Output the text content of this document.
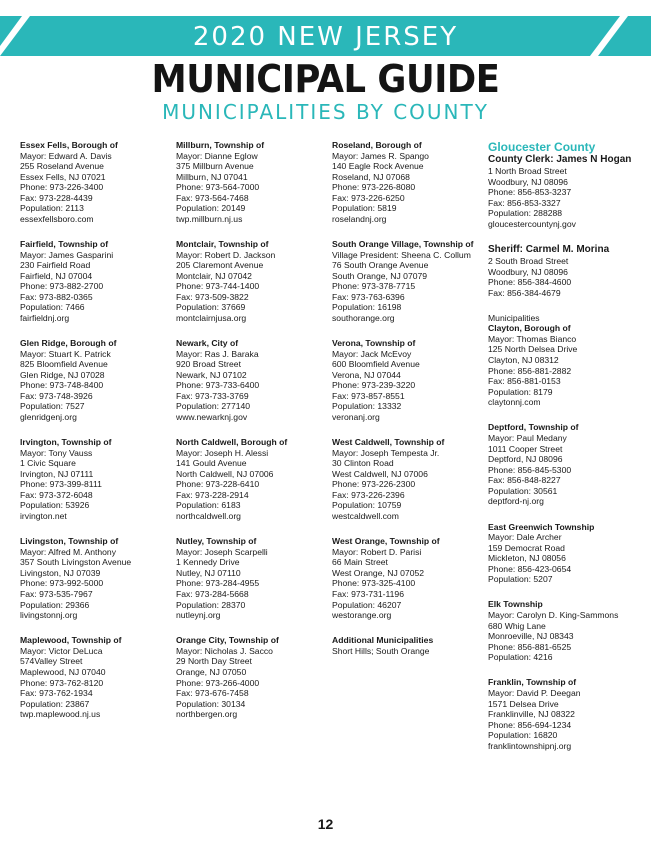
2020 NEW JERSEY
MUNICIPAL GUIDE
MUNICIPALITIES BY COUNTY
Essex Fells, Borough of
Mayor: Edward A. Davis
255 Roseland Avenue
Essex Fells, NJ 07021
Phone: 973-226-3400
Fax: 973-228-4439
Population: 2113
essexfellsboro.com
Fairfield, Township of
Mayor: James Gasparini
230 Fairfield Road
Fairfield, NJ 07004
Phone: 973-882-2700
Fax: 973-882-0365
Population: 7466
fairfieldnj.org
Glen Ridge, Borough of
Mayor: Stuart K. Patrick
825 Bloomfield Avenue
Glen Ridge, NJ 07028
Phone: 973-748-8400
Fax: 973-748-3926
Population: 7527
glenridgenj.org
Irvington, Township of
Mayor: Tony Vauss
1 Civic Square
Irvington, NJ 07111
Phone: 973-399-8111
Fax: 973-372-6048
Population: 53926
irvington.net
Livingston, Township of
Mayor: Alfred M. Anthony
357 South Livingston Avenue
Livingston, NJ 07039
Phone: 973-992-5000
Fax: 973-535-7967
Population: 29366
livingstonnj.org
Maplewood, Township of
Mayor: Victor DeLuca
574Valley Street
Maplewood, NJ 07040
Phone: 973-762-8120
Fax: 973-762-1934
Population: 23867
twp.maplewood.nj.us
Millburn, Township of
Mayor: Dianne Eglow
375 Millburn Avenue
Millburn, NJ 07041
Phone: 973-564-7000
Fax: 973-564-7468
Population: 20149
twp.millburn.nj.us
Montclair, Township of
Mayor: Robert D. Jackson
205 Claremont Avenue
Montclair, NJ 07042
Phone: 973-744-1400
Fax: 973-509-3822
Population: 37669
montclairnjusa.org
Newark, City of
Mayor: Ras J. Baraka
920 Broad Street
Newark, NJ 07102
Phone: 973-733-6400
Fax: 973-733-3769
Population: 277140
www.newarknj.gov
North Caldwell, Borough of
Mayor: Joseph H. Alessi
141 Gould Avenue
North Caldwell, NJ 07006
Phone: 973-228-6410
Fax: 973-228-2914
Population: 6183
northcaldwell.org
Nutley, Township of
Mayor: Joseph Scarpelli
1 Kennedy Drive
Nutley, NJ 07110
Phone: 973-284-4955
Fax: 973-284-5668
Population: 28370
nutleynj.org
Orange City, Township of
Mayor: Nicholas J. Sacco
29 North Day Street
Orange, NJ 07050
Phone: 973-266-4000
Fax: 973-676-7458
Population: 30134
northbergen.org
Roseland, Borough of
Mayor: James R. Spango
140 Eagle Rock Avenue
Roseland, NJ 07068
Phone: 973-226-8080
Fax: 973-226-6250
Population: 5819
roselandnj.org
South Orange Village, Township of
Village President: Sheena C. Collum
76 South Orange Avenue
South Orange, NJ 07079
Phone: 973-378-7715
Fax: 973-763-6396
Population: 16198
southorange.org
Verona, Township of
Mayor: Jack McEvoy
600 Bloomfield Avenue
Verona, NJ 07044
Phone: 973-239-3220
Fax: 973-857-8551
Population: 13332
veronanj.org
West Caldwell, Township of
Mayor: Joseph Tempesta Jr.
30 Clinton Road
West Caldwell, NJ 07006
Phone: 973-226-2300
Fax: 973-226-2396
Population: 10759
westcaldwell.com
West Orange, Township of
Mayor: Robert D. Parisi
66 Main Street
West Orange, NJ 07052
Phone: 973-325-4100
Fax: 973-731-1196
Population: 46207
westorange.org
Additional Municipalities
Short Hills; South Orange
Gloucester County
County Clerk: James N Hogan
1 North Broad Street
Woodbury, NJ 08096
Phone: 856-853-3237
Fax: 856-853-3327
Population: 288288
gloucestercountynj.gov
Sheriff: Carmel M. Morina
2 South Broad Street
Woodbury, NJ 08096
Phone: 856-384-4600
Fax: 856-384-4679
Municipalities
Clayton, Borough of
Mayor: Thomas Bianco
125 North Delsea Drive
Clayton, NJ 08312
Phone: 856-881-2882
Fax: 856-881-0153
Population: 8179
claytonnj.com
Deptford, Township of
Mayor: Paul Medany
1011 Cooper Street
Deptford, NJ 08096
Phone: 856-845-5300
Fax: 856-848-8227
Population: 30561
deptford-nj.org
East Greenwich Township
Mayor: Dale Archer
159 Democrat Road
Mickleton, NJ 08056
Phone: 856-423-0654
Population: 5207
Elk Township
Mayor: Carolyn D. King-Sammons
680 Whig Lane
Monroeville, NJ 08343
Phone: 856-881-6525
Population: 4216
Franklin, Township of
Mayor: David P. Deegan
1571 Delsea Drive
Franklinville, NJ 08322
Phone: 856-694-1234
Population: 16820
franklintownshipnj.org
12
